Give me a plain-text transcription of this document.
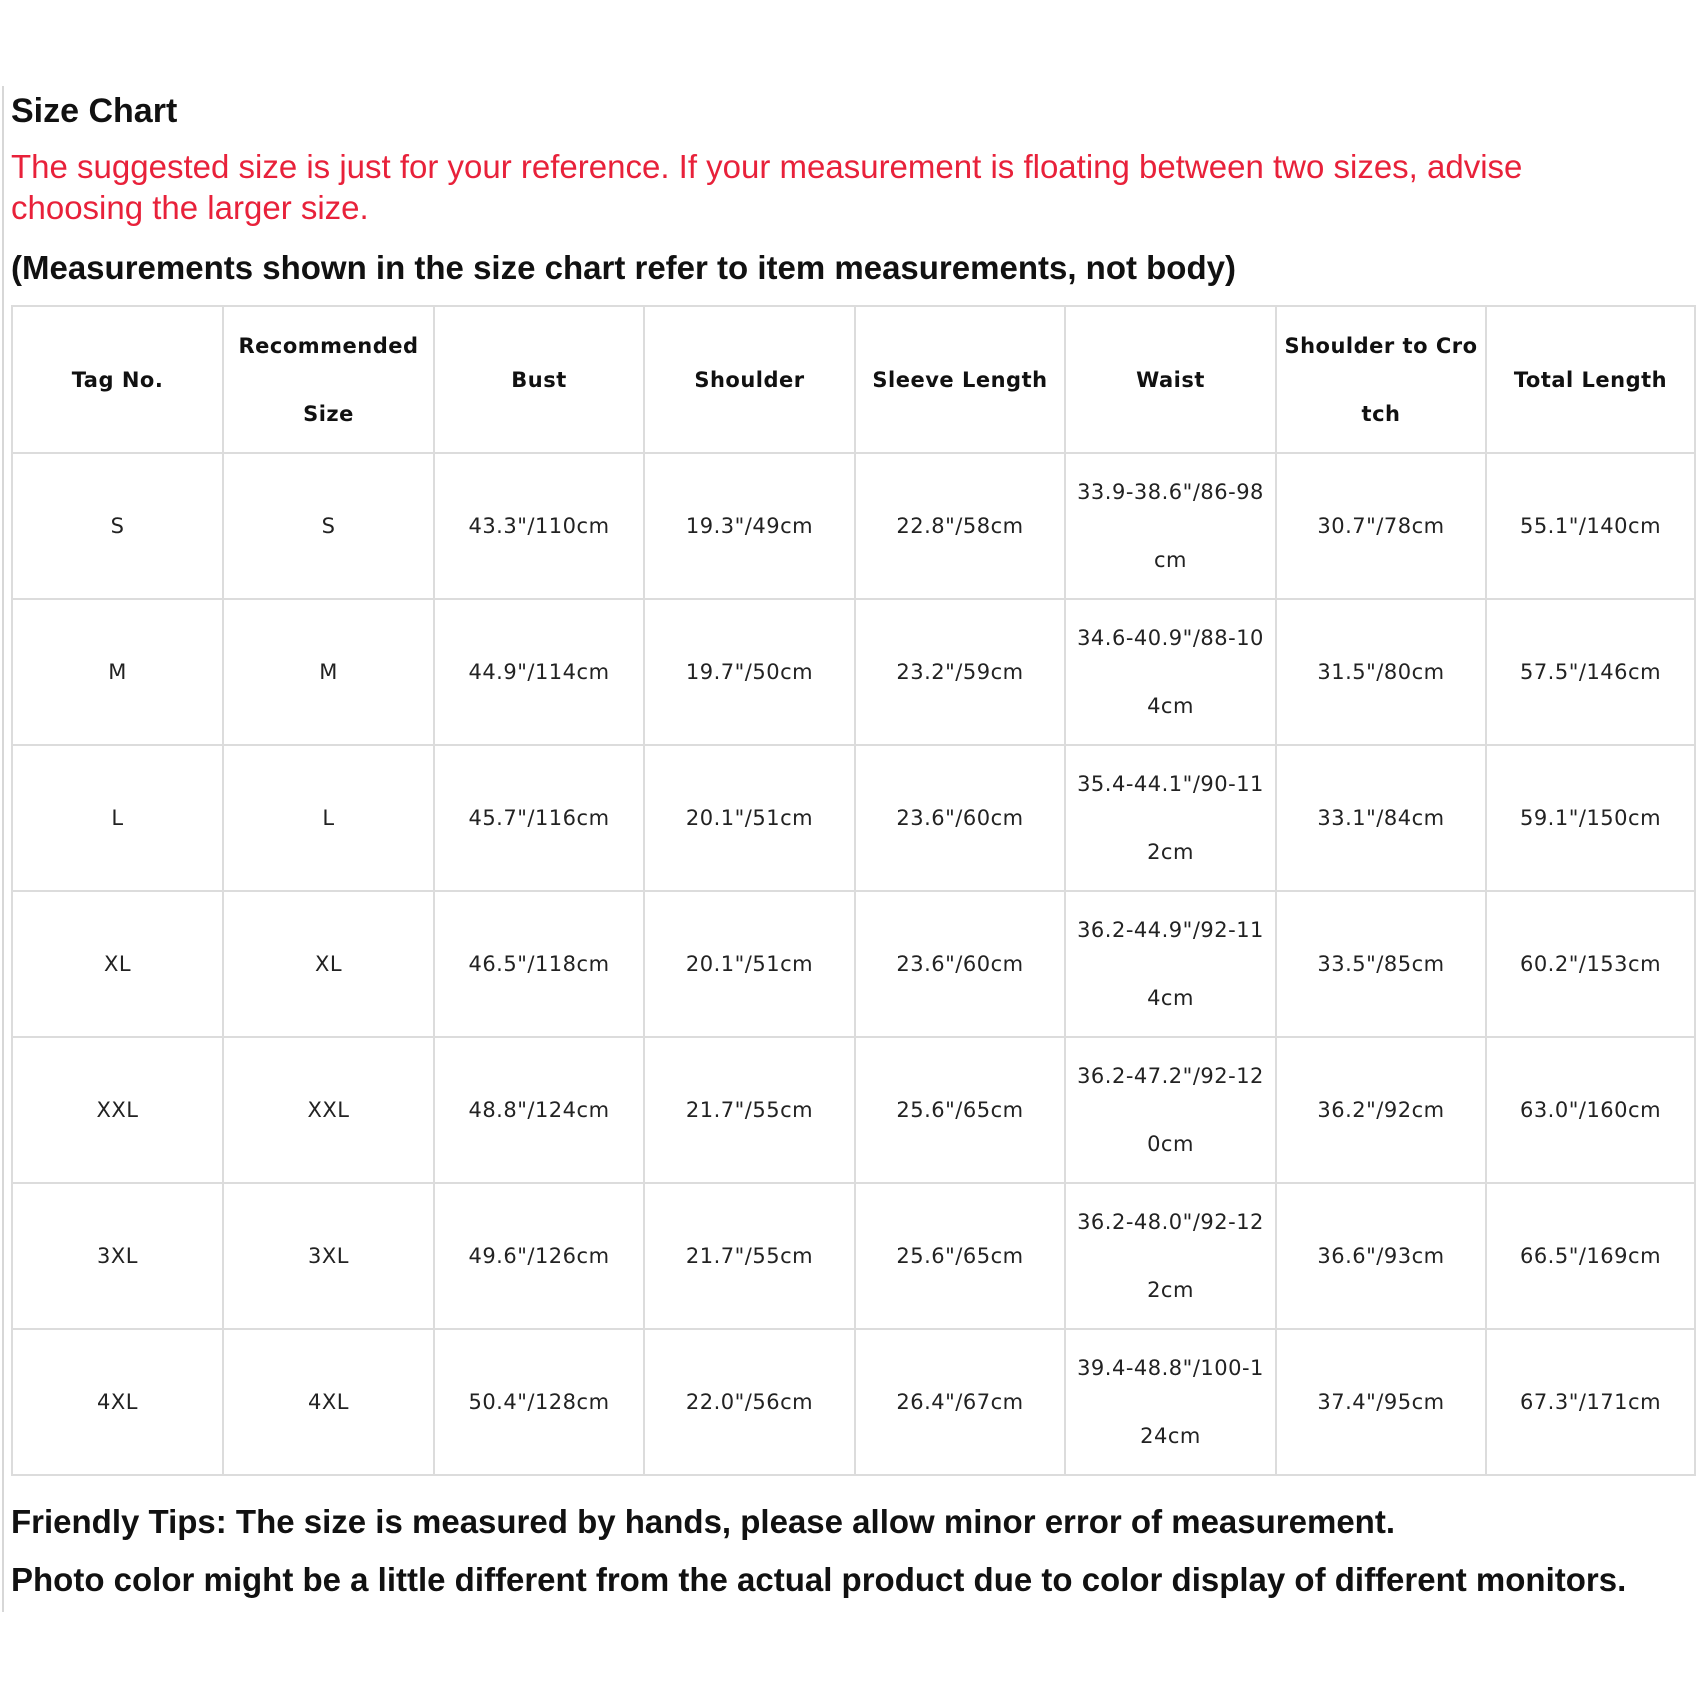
Size Chart
The suggested size is just for your reference. If your measurement is floating between two sizes, advise choosing the larger size.
(Measurements shown in the size chart refer to item measurements, not body)
Tag No.	Recommended Size	Bust	Shoulder	Sleeve Length	Waist	Shoulder to Crotch	Total Length
S	S	43.3"/110cm	19.3"/49cm	22.8"/58cm	33.9-38.6"/86-98cm	30.7"/78cm	55.1"/140cm
M	M	44.9"/114cm	19.7"/50cm	23.2"/59cm	34.6-40.9"/88-104cm	31.5"/80cm	57.5"/146cm
L	L	45.7"/116cm	20.1"/51cm	23.6"/60cm	35.4-44.1"/90-112cm	33.1"/84cm	59.1"/150cm
XL	XL	46.5"/118cm	20.1"/51cm	23.6"/60cm	36.2-44.9"/92-114cm	33.5"/85cm	60.2"/153cm
XXL	XXL	48.8"/124cm	21.7"/55cm	25.6"/65cm	36.2-47.2"/92-120cm	36.2"/92cm	63.0"/160cm
3XL	3XL	49.6"/126cm	21.7"/55cm	25.6"/65cm	36.2-48.0"/92-122cm	36.6"/93cm	66.5"/169cm
4XL	4XL	50.4"/128cm	22.0"/56cm	26.4"/67cm	39.4-48.8"/100-124cm	37.4"/95cm	67.3"/171cm
Friendly Tips: The size is measured by hands, please allow minor error of measurement.
Photo color might be a little different from the actual product due to color display of different monitors.
